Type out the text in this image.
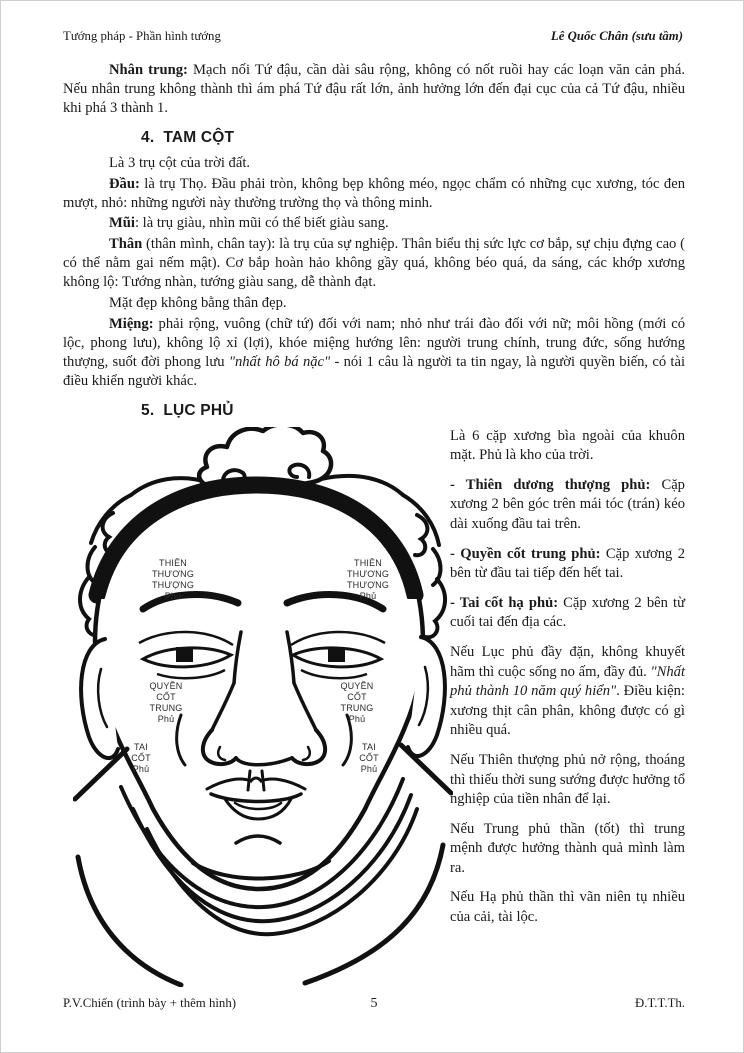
Tướng pháp - Phần hình tướng	Lê Quốc Chân (sưu tầm)

Nhân trung: Mạch nối Tứ đậu, cần dài sâu rộng, không có nốt ruồi hay các loạn văn cản phá. Nếu nhân trung không thành thì ám phá Tứ đậu rất lớn, ảnh hưởng lớn đến đại cục của cả Tứ đậu, nhiều khi phá 3 thành 1.

4.  TAM CỘT

Là 3 trụ cột của trời đất.

Đầu: là trụ Thọ. Đầu phải tròn, không bẹp không méo, ngọc chẩm có những cục xương, tóc đen mượt, nhỏ: những người này thường trường thọ và thông minh.

Mũi: là trụ giàu, nhìn mũi có thể biết giàu sang.

Thân (thân mình, chân tay): là trụ của sự nghiệp. Thân biểu thị sức lực cơ bắp, sự chịu đựng cao ( có thể nằm gai nếm mật). Cơ bắp hoàn hảo không gầy quá, không béo quá, da sáng, các khớp xương không lộ: Tướng nhàn, tướng giàu sang, dễ thành đạt.

Mặt đẹp không bằng thân đẹp.

Miệng: phải rộng, vuông (chữ tứ) đối với nam; nhỏ như trái đào đối với nữ; môi hồng (mới có lộc, phong lưu), không lộ xỉ (lợi), khóe miệng hướng lên: người trung chính, trung đức, sống hướng thượng, suốt đời phong lưu "nhất hô bá nặc" - nói 1 câu là người ta tin ngay, là người quyền biến, có tài điều khiển người khác.

5.  LỤC PHỦ
THIÊN
THƯƠNG
THƯỢNG
Phủ
THIÊN
THƯƠNG
THƯỢNG
Phủ
QUYỀN
CỐT
TRUNG
Phủ
QUYỀN
CỐT
TRUNG
Phủ
TAI
CỐT
Phủ
TAI
CỐT
Phủ

Là 6 cặp xương bìa ngoài của khuôn mặt. Phủ là kho của trời.

- Thiên dương thượng phủ: Cặp xương 2 bên góc trên mái tóc (trán) kéo dài xuống đầu tai trên.

- Quyền cốt trung phủ: Cặp xương 2 bên từ đầu tai tiếp đến hết tai.

- Tai cốt hạ phủ: Cặp xương 2 bên từ cuối tai đến địa các.

Nếu Lục phủ đầy đặn, không khuyết hãm thì cuộc sống no ấm, đầy đủ. "Nhất phủ thành 10 năm quý hiển". Điều kiện: xương thịt cân phân, không được có gì nhiều quá.

Nếu Thiên thượng phủ nở rộng, thoáng thì thiếu thời sung sướng được hưởng tổ nghiệp của tiền nhân để lại.

Nếu Trung phủ thần (tốt) thì trung mệnh được hưởng thành quả mình làm ra.

Nếu Hạ phủ thần thì vãn niên tụ nhiều của cải, tài lộc.

P.V.Chiến (trình bày + thêm hình)	5	Đ.T.T.Th.
